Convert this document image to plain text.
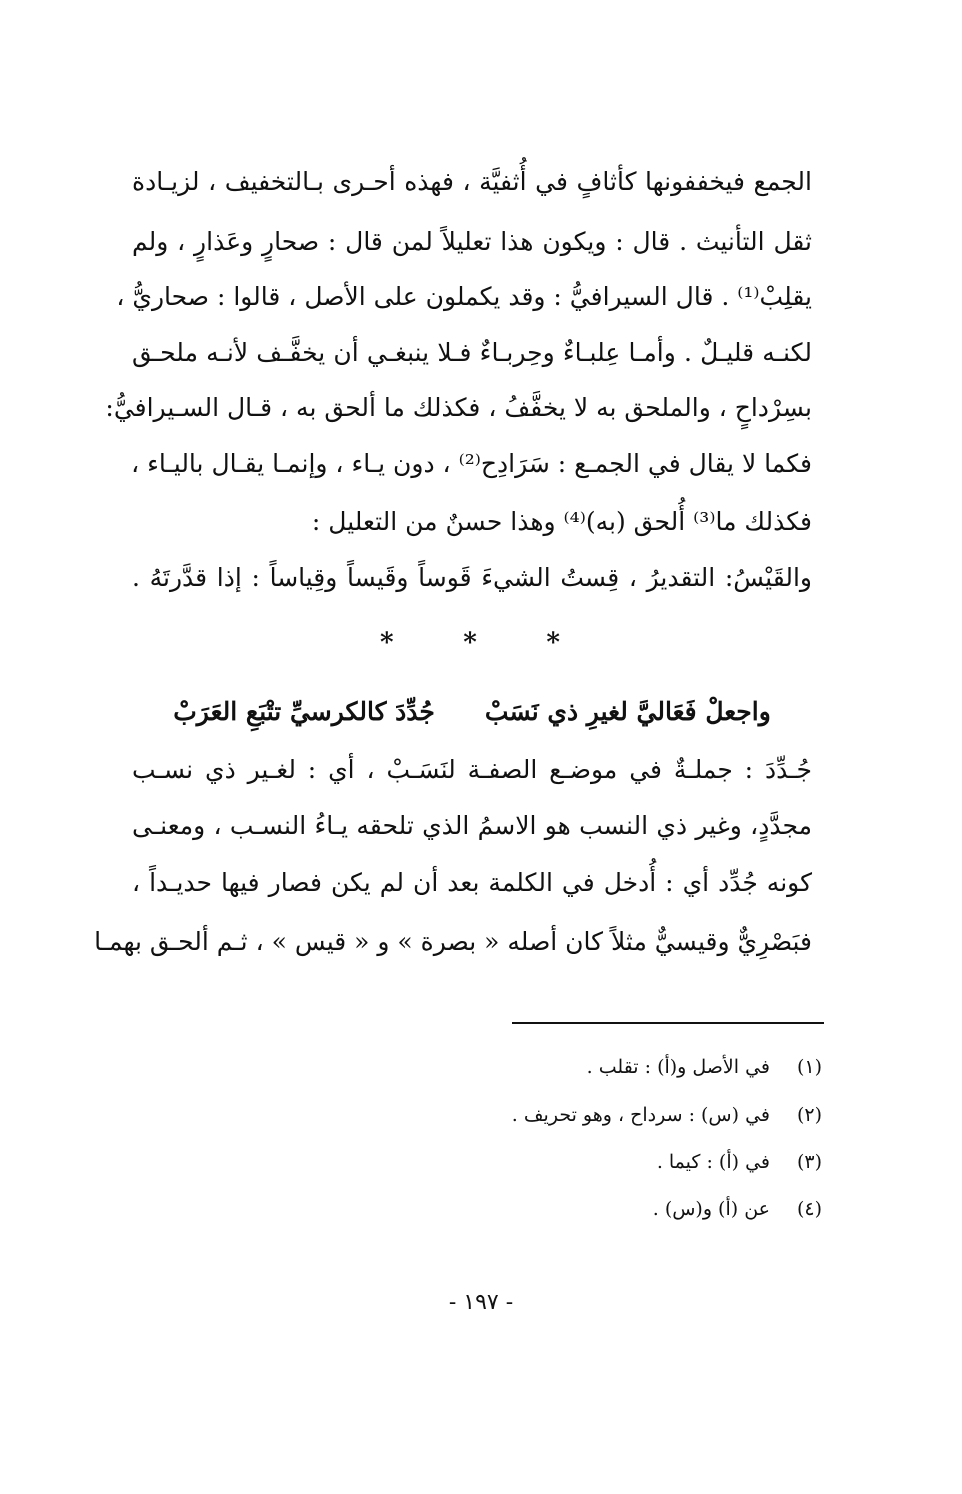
الجمع فيخففونها كأثافٍ في أُثفيَّة ، فهذه أحـرى بـالتخفيف ، لزيـادة
ثقل التأنيث . قال : ويكون هذا تعليلاً لمن قال : صحارٍ وعَذارٍ ، ولم
يقلِبْ⁽¹⁾ . قال السيرافيُّ : وقد يكملون على الأصل ، قالوا : صحاريُّ ،
لكنـه قليـلٌ . وأمـا عِلبـاءٌ وحِربـاءٌ فـلا ينبغـي أن يخفَّـف لأنـه ملحـق
بسِرْداحٍ ، والملحق به لا يخفَّفُ ، فكذلك ما ألحق به ، قـال السـيرافيُّ:
فكما لا يقال في الجمـع : سَرَادِح⁽²⁾ ، دون يـاء ، وإنمـا يقـال باليـاء ،
فكذلك ما⁽³⁾ أُلحق (به)⁽⁴⁾ وهذا حسنٌ من التعليل :
والقَيْسُ: التقديرُ ، قِستُ الشيءَ قَوساً وقَيساً وقِياساً : إذا قدَّرتَهُ .
*	*	*
واجعلْ فَعَاليَّ لغيرِ ذي نَسَبْ
جُدِّدَ كالكرسيِّ تتْبَعِ العَرَبْ
جُـدِّدَ : جملـةٌ في موضـع الصفـة لنَسَـبْ ، أي : لغـير ذي نسـب
مجدَّدٍ، وغير ذي النسب هو الاسمُ الذي تلحقه يـاءُ النسـب ، ومعنـى
كونه جُدِّد أي : أُدخل في الكلمة بعد أن لم يكن فصار فيها حديـداً ،
فبَصْرِيٌّ وقيسيٌّ مثلاً كان أصله « بصرة » و « قيس » ، ثـم ألحـق بهمـا
(١)
في الأصل و(أ) : تقلب .
(٢)
في (س) : سرداح ، وهو تحريف .
(٣)
في (أ) : كيما .
(٤)
عن (أ) و(س) .
- ١٩٧ -
